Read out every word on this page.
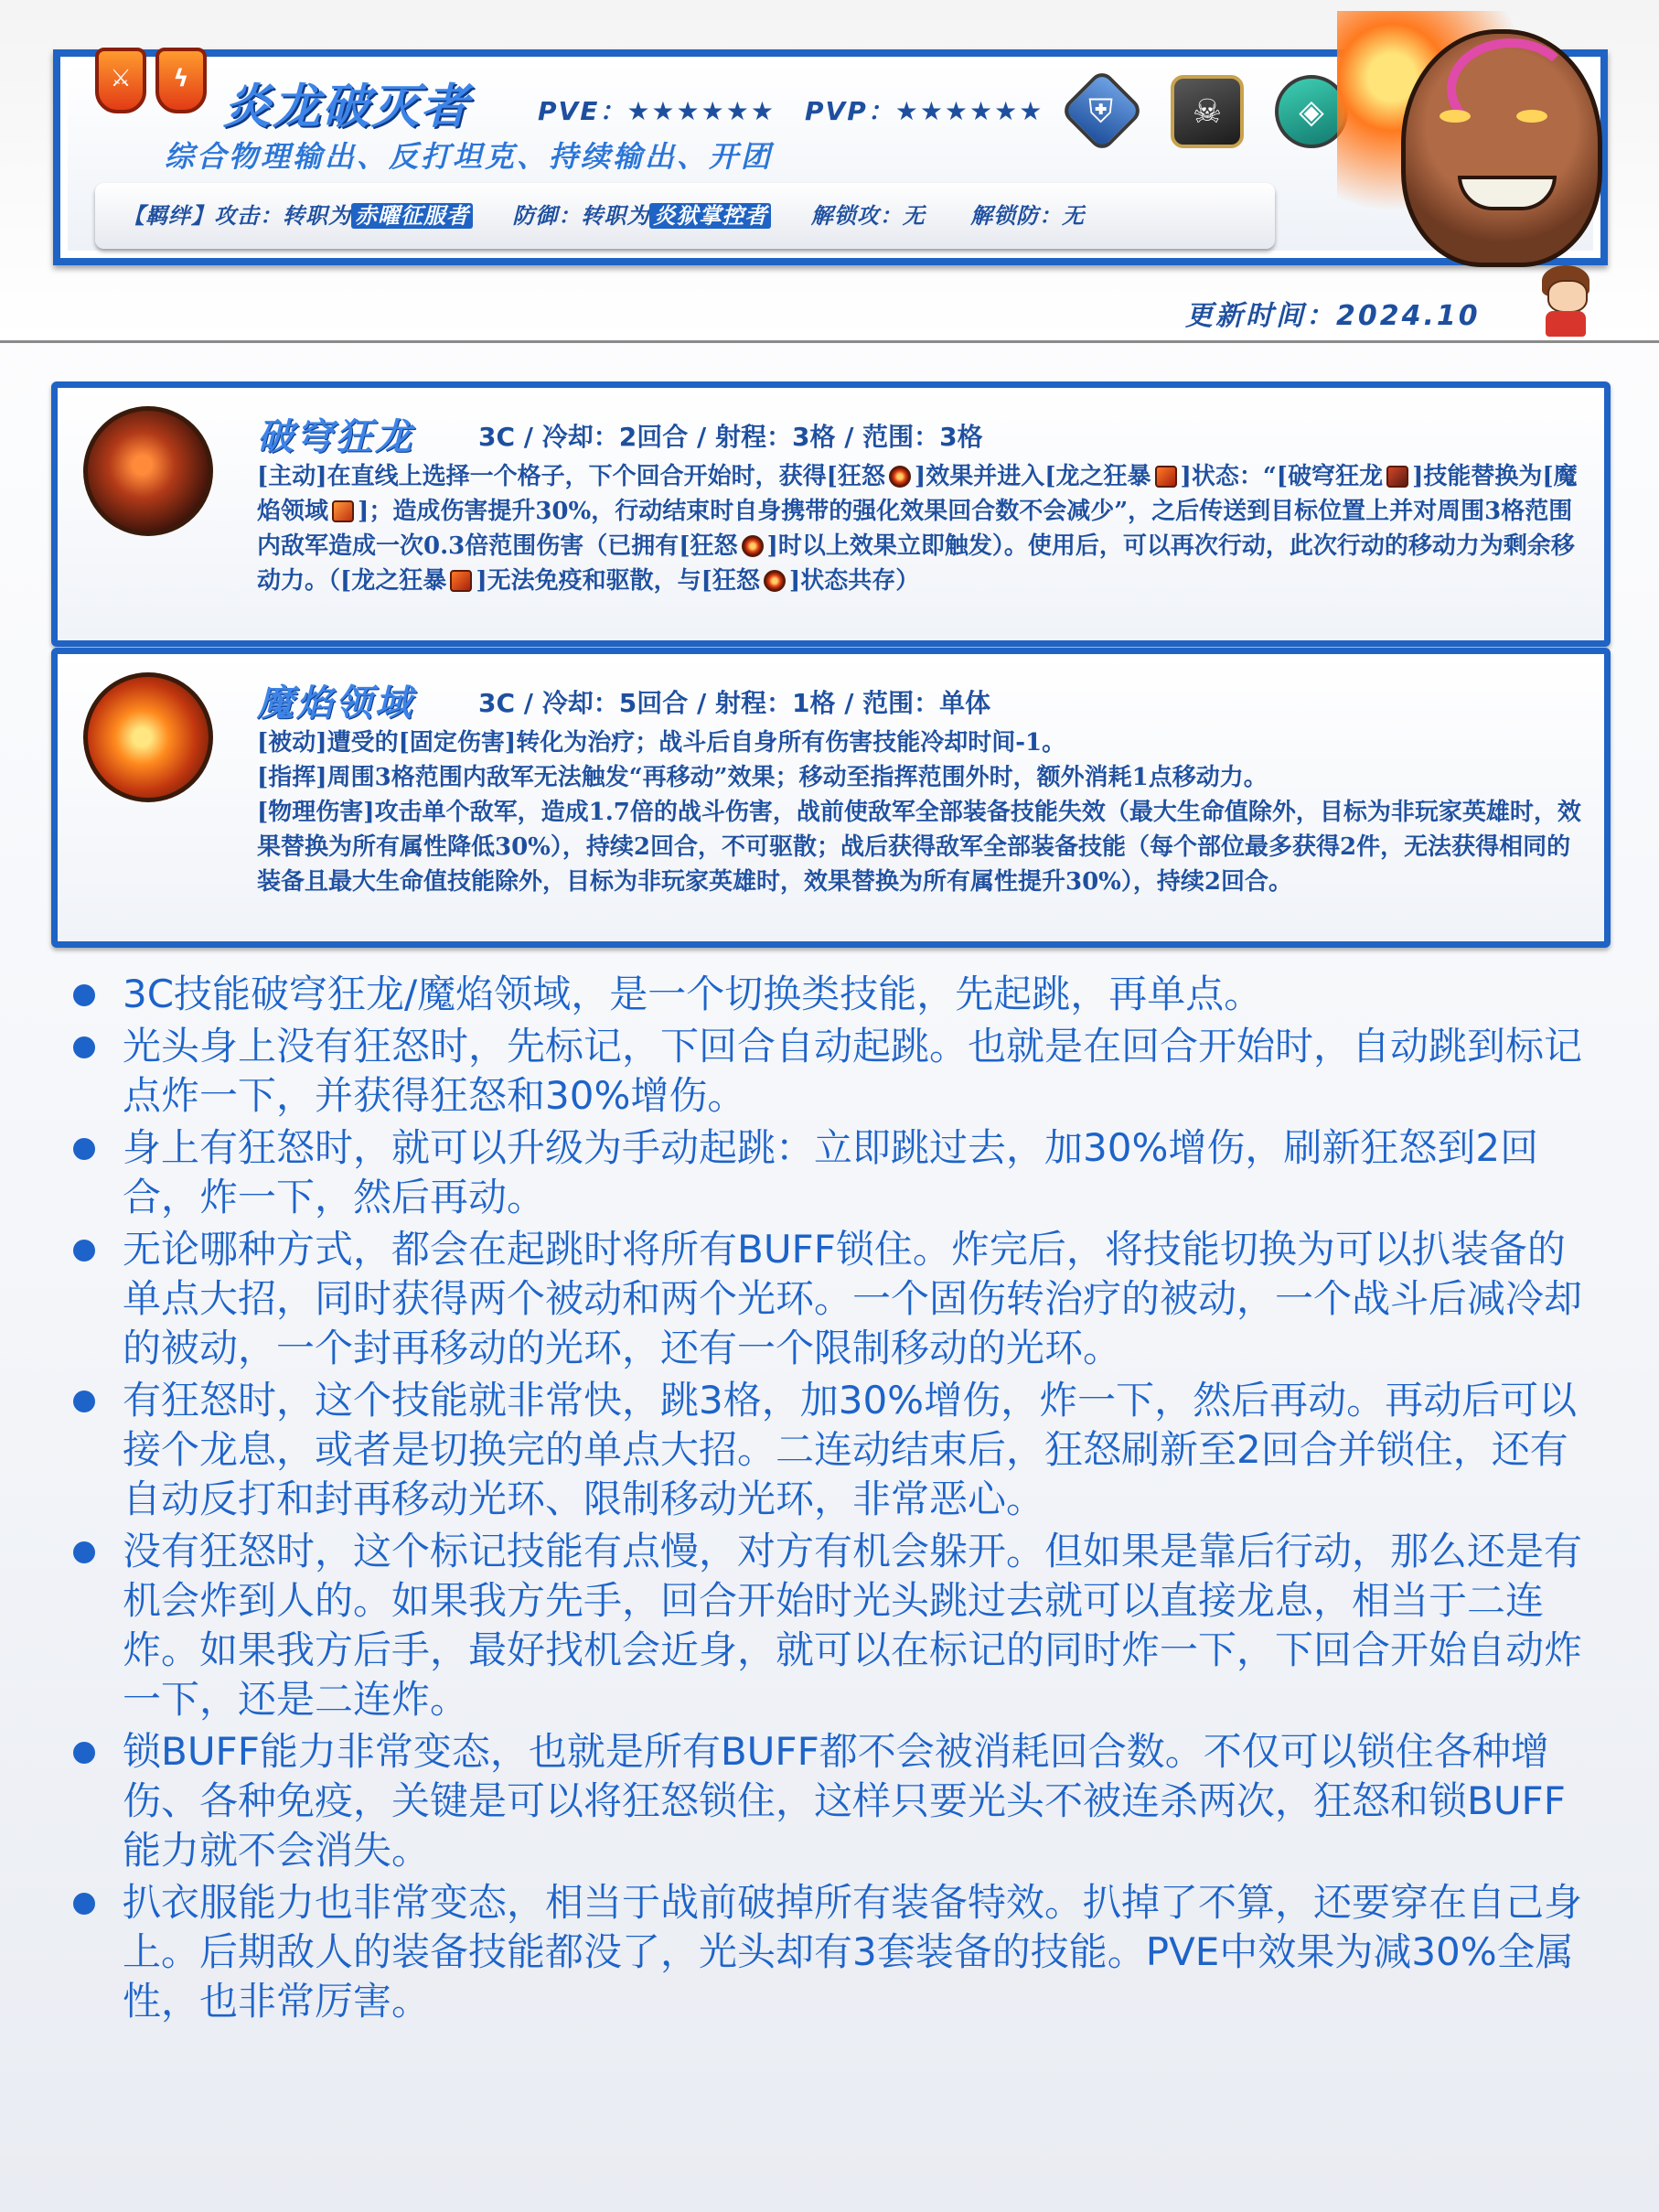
⚔	ϟ
炎龙破灭者	PVE：★★★★★★ PVP：★★★★★★
综合物理输出、反打坦克、持续输出、开团
⛨	☠	◈
【羁绊】攻击：转职为 赤曜征服者 防御：转职为 炎狱掌控者 解锁攻：无 解锁防：无
更新时间：2024.10
破穹狂龙	3C / 冷却：2回合 / 射程：3格 / 范围：3格
[主动]在直线上选择一个格子，下个回合开始时，获得[狂怒 ]效果并进入[龙之狂暴 ]状态：“[破穹狂龙 ]技能替换为[魔焰领域 ]；造成伤害提升30%，行动结束时自身携带的强化效果回合数不会减少”，之后传送到目标位置上并对周围3格范围内敌军造成一次0.3倍范围伤害（已拥有[狂怒 ]时以上效果立即触发）。使用后，可以再次行动，此次行动的移动力为剩余移动力。（[龙之狂暴 ]无法免疫和驱散，与[狂怒 ]状态共存）
魔焰领域	3C / 冷却：5回合 / 射程：1格 / 范围：单体

[被动]遭受的[固定伤害]转化为治疗；战斗后自身所有伤害技能冷却时间-1。

[指挥]周围3格范围内敌军无法触发“再移动”效果；移动至指挥范围外时，额外消耗1点移动力。

[物理伤害]攻击单个敌军，造成1.7倍的战斗伤害，战前使敌军全部装备技能失效（最大生命值除外，目标为非玩家英雄时，效果替换为所有属性降低30%），持续2回合，不可驱散；战后获得敌军全部装备技能（每个部位最多获得2件，无法获得相同的装备且最大生命值技能除外，目标为非玩家英雄时，效果替换为所有属性提升30%），持续2回合。

3C技能破穹狂龙/魔焰领域，是一个切换类技能，先起跳，再单点。
光头身上没有狂怒时，先标记，下回合自动起跳。也就是在回合开始时，自动跳到标记点炸一下，并获得狂怒和30%增伤。
身上有狂怒时，就可以升级为手动起跳：立即跳过去，加30%增伤，刷新狂怒到2回合，炸一下，然后再动。
无论哪种方式，都会在起跳时将所有BUFF锁住。炸完后，将技能切换为可以扒装备的单点大招，同时获得两个被动和两个光环。一个固伤转治疗的被动，一个战斗后减冷却的被动，一个封再移动的光环，还有一个限制移动的光环。
有狂怒时，这个技能就非常快，跳3格，加30%增伤，炸一下，然后再动。再动后可以接个龙息，或者是切换完的单点大招。二连动结束后，狂怒刷新至2回合并锁住，还有自动反打和封再移动光环、限制移动光环，非常恶心。
没有狂怒时，这个标记技能有点慢，对方有机会躲开。但如果是靠后行动，那么还是有机会炸到人的。如果我方先手，回合开始时光头跳过去就可以直接龙息，相当于二连炸。如果我方后手，最好找机会近身，就可以在标记的同时炸一下，下回合开始自动炸一下，还是二连炸。
锁BUFF能力非常变态，也就是所有BUFF都不会被消耗回合数。不仅可以锁住各种增伤、各种免疫，关键是可以将狂怒锁住，这样只要光头不被连杀两次，狂怒和锁BUFF能力就不会消失。
扒衣服能力也非常变态，相当于战前破掉所有装备特效。扒掉了不算，还要穿在自己身上。后期敌人的装备技能都没了，光头却有3套装备的技能。PVE中效果为减30%全属性，也非常厉害。
